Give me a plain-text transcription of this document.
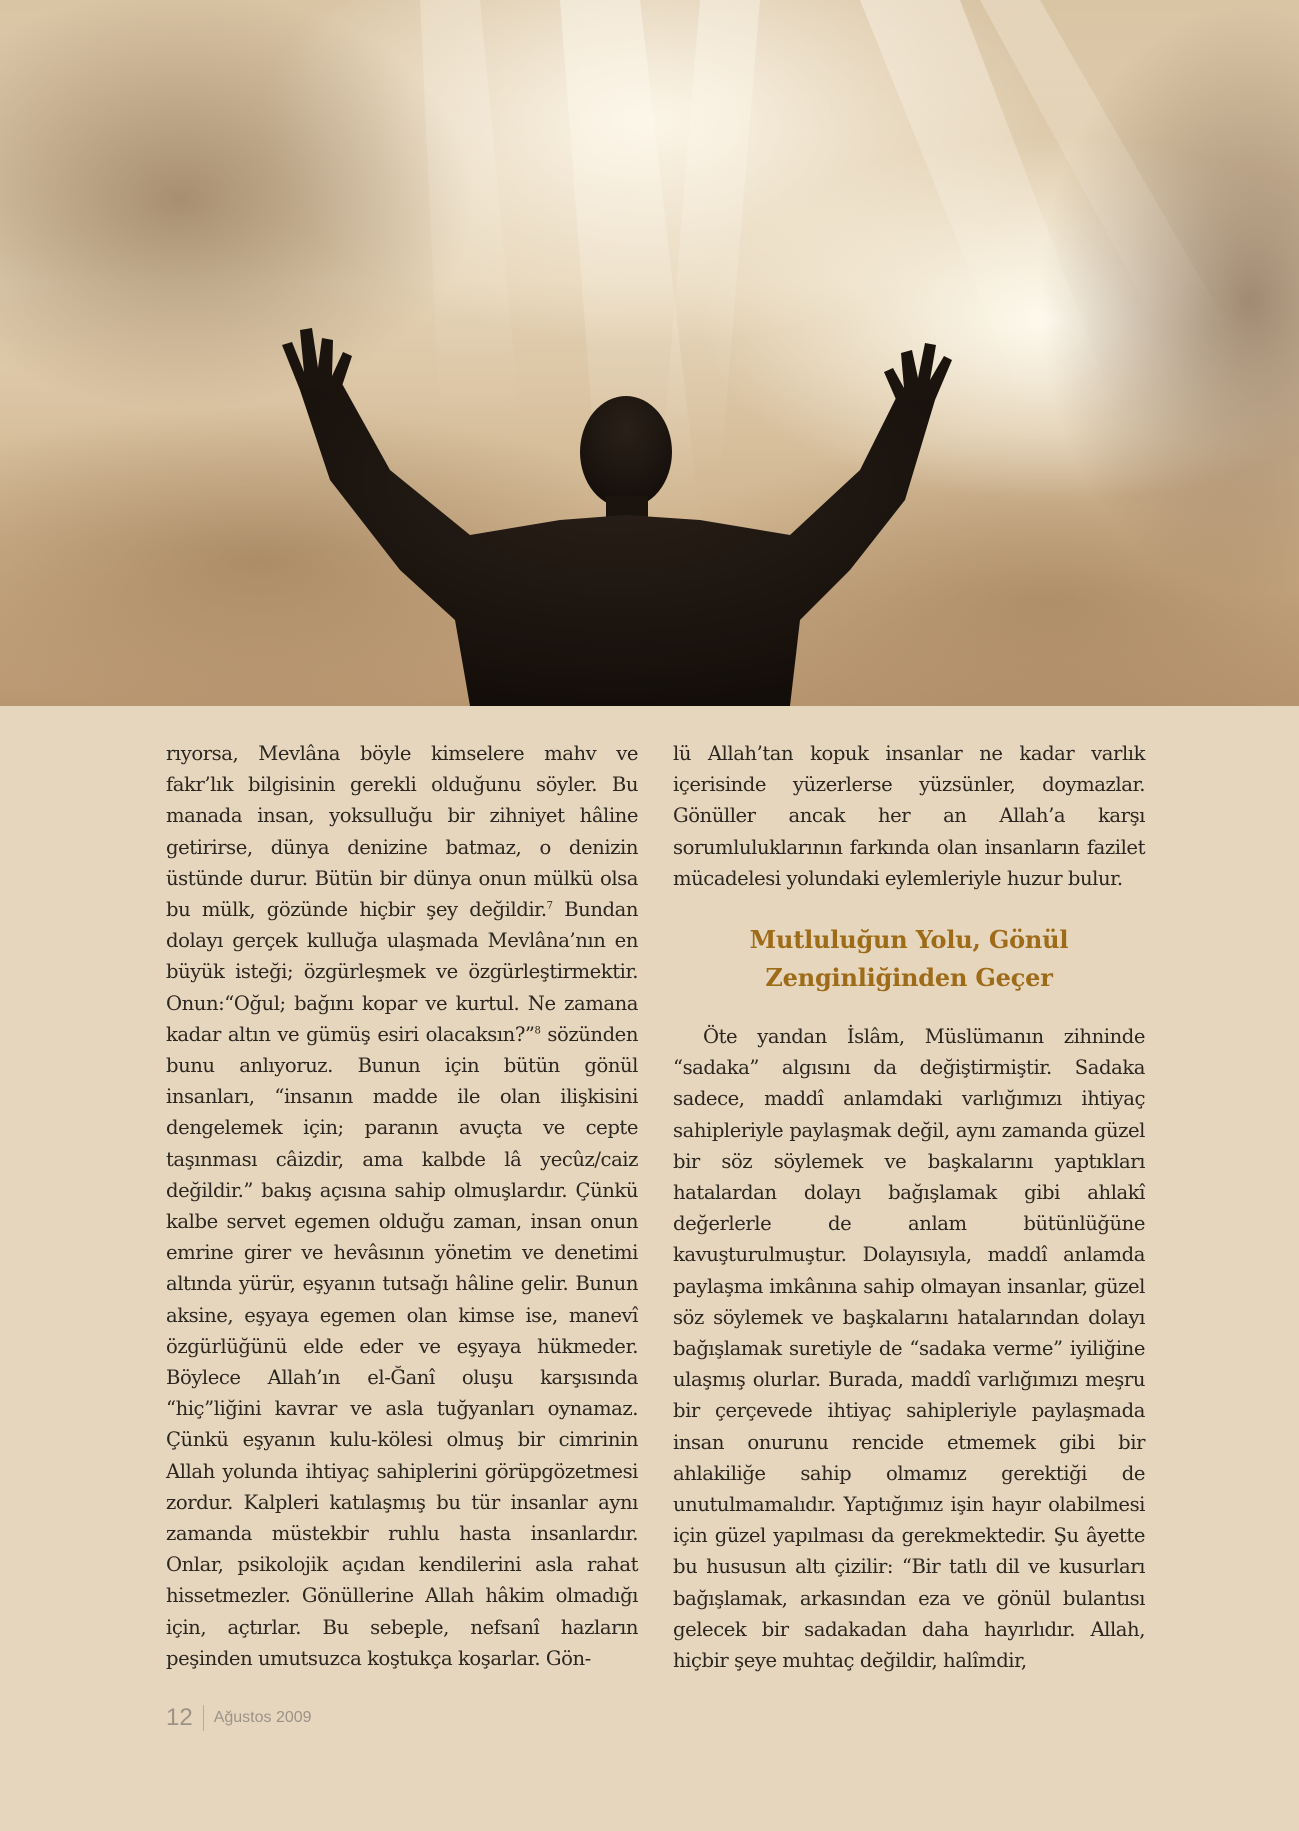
rıyorsa, Mevlâna böyle kimselere mahv ve fakr’lık bilgisinin gerekli olduğunu söyler. Bu manada insan, yoksulluğu bir zihniyet hâline getirirse, dünya denizine batmaz, o denizin üstünde durur. Bütün bir dünya onun mülkü olsa bu mülk, gözünde hiçbir şey değildir.$^7$ Bundan dolayı gerçek kulluğa ulaşmada Mevlâna’nın en büyük isteği; özgürleşmek ve özgürleştirmektir. Onun:“Oğul; bağını kopar ve kurtul. Ne zamana kadar altın ve gümüş esiri olacaksın?”$^8$ sözünden bunu anlıyoruz. Bunun için bütün gönül insanları, “insanın madde ile olan ilişkisini dengelemek için; paranın avuçta ve cepte taşınması câizdir, ama kalbde lâ yecûz/caiz değildir.” bakış açısına sahip olmuşlardır. Çünkü kalbe servet egemen olduğu zaman, insan onun emrine girer ve hevâsının yönetim ve denetimi altında yürür, eşyanın tutsağı hâline gelir. Bunun aksine, eşyaya egemen olan kimse ise, manevî özgürlüğünü elde eder ve eşyaya hükmeder. Böylece Allah’ın el-Ğanî oluşu karşısında “hiç”liğini kavrar ve asla tuğyanları oynamaz. Çünkü eşyanın kulu-kölesi olmuş bir cimrinin Allah yolunda ihtiyaç sahiplerini görüpgözetmesi zordur. Kalpleri katılaşmış bu tür insanlar aynı zamanda müstekbir ruhlu hasta insanlardır. Onlar, psikolojik açıdan kendilerini asla rahat hissetmezler. Gönüllerine Allah hâkim olmadığı için, açtırlar. Bu sebeple, nefsanî hazların peşinden umutsuzca koştukça koşarlar. Gön-

lü Allah’tan kopuk insanlar ne kadar varlık içerisinde yüzerlerse yüzsünler, doymazlar. Gönüller ancak her an Allah’a karşı sorumluluklarının farkında olan insanların fazilet mücadelesi yolundaki eylemleriyle huzur bulur.

Mutluluğun Yolu, Gönül
Zenginliğinden Geçer

Öte yandan İslâm, Müslümanın zihninde “sadaka” algısını da değiştirmiştir. Sadaka sadece, maddî anlamdaki varlığımızı ihtiyaç sahipleriyle paylaşmak değil, aynı zamanda güzel bir söz söylemek ve başkalarını yaptıkları hatalardan dolayı bağışlamak gibi ahlakî değerlerle de anlam bütünlüğüne kavuşturulmuştur. Dolayısıyla, maddî anlamda paylaşma imkânına sahip olmayan insanlar, güzel söz söylemek ve başkalarını hatalarından dolayı bağışlamak suretiyle de “sadaka verme” iyiliğine ulaşmış olurlar. Burada, maddî varlığımızı meşru bir çerçevede ihtiyaç sahipleriyle paylaşmada insan onurunu rencide etmemek gibi bir ahlakiliğe sahip olmamız gerektiği de unutulmamalıdır. Yaptığımız işin hayır olabilmesi için güzel yapılması da gerekmektedir. Şu âyette bu hususun altı çizilir: “Bir tatlı dil ve kusurları bağışlamak, arkasından eza ve gönül bulantısı gelecek bir sadakadan daha hayırlıdır. Allah, hiçbir şeye muhtaç değildir, halîmdir,

12 Ağustos 2009
